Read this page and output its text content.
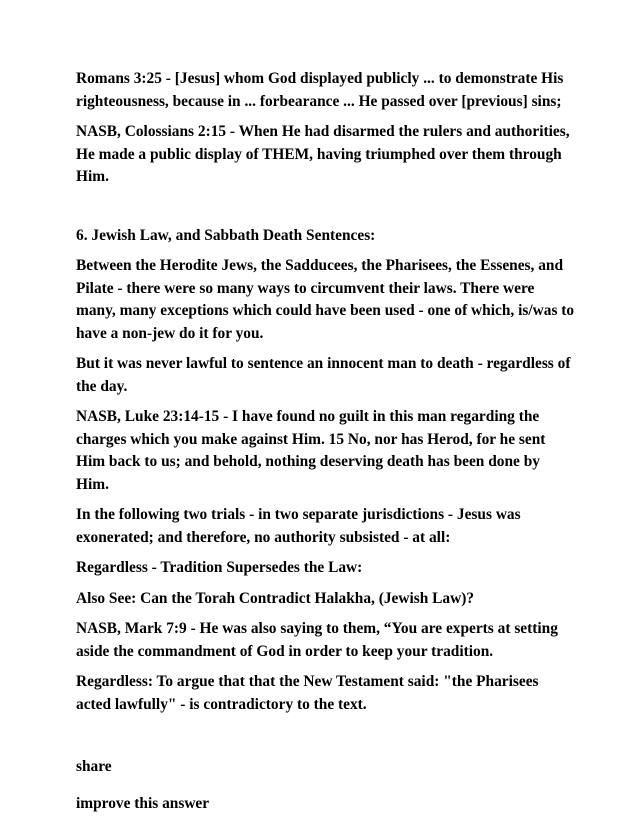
Romans 3:25 - [Jesus] whom God displayed publicly ... to demonstrate His righteousness, because in ... forbearance ... He passed over [previous] sins;

NASB, Colossians 2:15 - When He had disarmed the rulers and authorities, He made a public display of THEM, having triumphed over them through Him.

6. Jewish Law, and Sabbath Death Sentences:

Between the Herodite Jews, the Sadducees, the Pharisees, the Essenes, and Pilate - there were so many ways to circumvent their laws. There were many, many exceptions which could have been used - one of which, is/was to have a non-jew do it for you.

But it was never lawful to sentence an innocent man to death - regardless of the day.

NASB, Luke 23:14-15 - I have found no guilt in this man regarding the charges which you make against Him. 15 No, nor has Herod, for he sent Him back to us; and behold, nothing deserving death has been done by Him.

In the following two trials - in two separate jurisdictions - Jesus was exonerated; and therefore, no authority subsisted - at all:

Regardless - Tradition Supersedes the Law:

Also See: Can the Torah Contradict Halakha, (Jewish Law)?

NASB, Mark 7:9 - He was also saying to them, “You are experts at setting aside the commandment of God in order to keep your tradition.

Regardless: To argue that that the New Testament said: "the Pharisees acted lawfully" - is contradictory to the text.

share
improve this answer
